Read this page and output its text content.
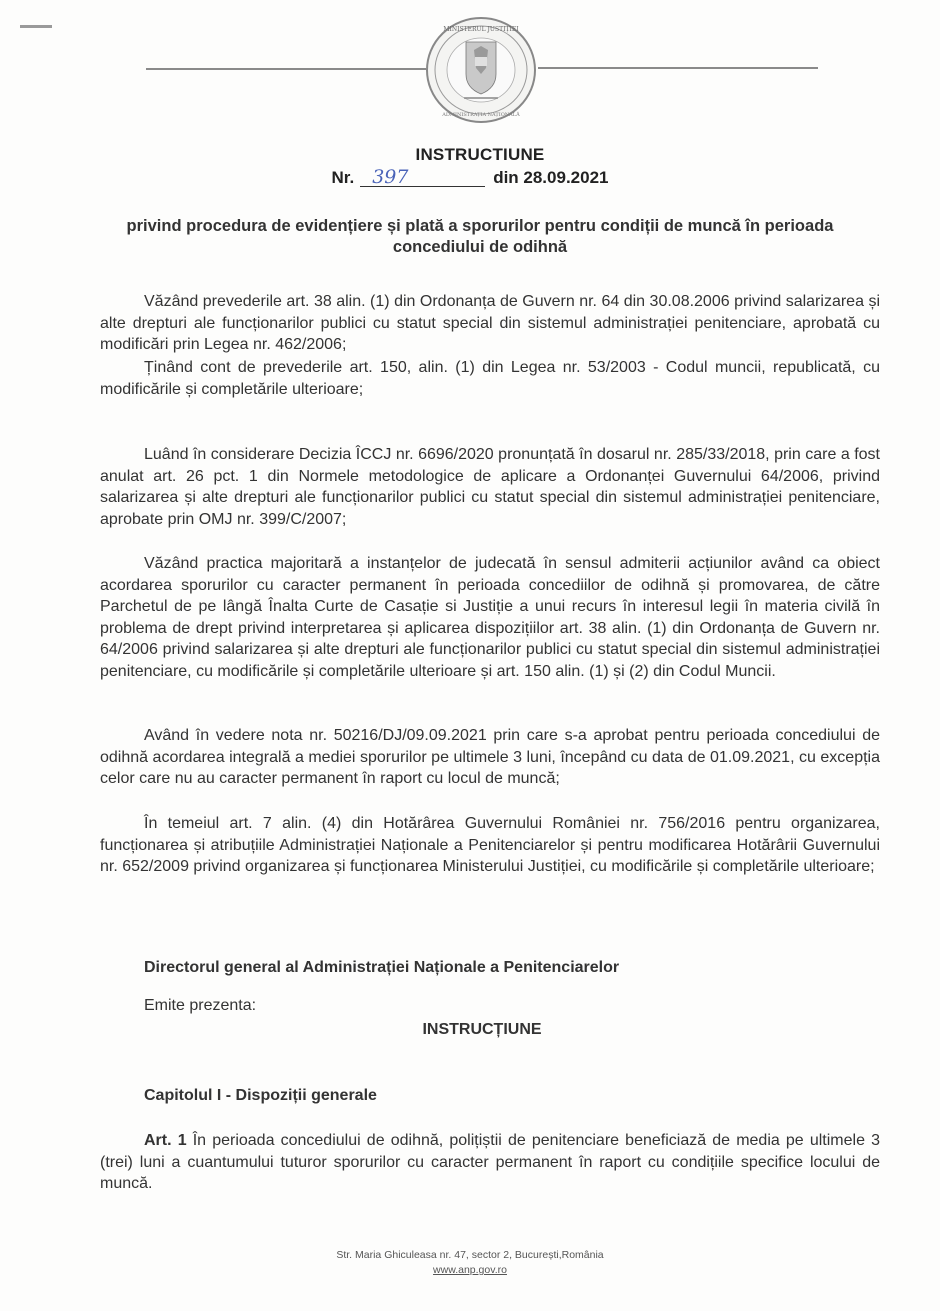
MINISTERUL JUSTIȚIEI
ADMINISTRAȚIA NAȚIONALĂ
INSTRUCTIUNE
Nr. 397	din 28.09.2021
privind procedura de evidențiere și plată a sporurilor pentru condiții de muncă în perioada concediului de odihnă

Văzând prevederile art. 38 alin. (1) din Ordonanța de Guvern nr. 64 din 30.08.2006 privind salarizarea și alte drepturi ale funcționarilor publici cu statut special din sistemul administrației penitenciare, aprobată cu modificări prin Legea nr. 462/2006;

Ținând cont de prevederile art. 150, alin. (1) din Legea nr. 53/2003 - Codul muncii, republicată, cu modificările și completările ulterioare;

Luând în considerare Decizia ÎCCJ nr. 6696/2020 pronunțată în dosarul nr. 285/33/2018, prin care a fost anulat art. 26 pct. 1 din Normele metodologice de aplicare a Ordonanței Guvernului 64/2006, privind salarizarea și alte drepturi ale funcționarilor publici cu statut special din sistemul administrației penitenciare, aprobate prin OMJ nr. 399/C/2007;

Văzând practica majoritară a instanțelor de judecată în sensul admiterii acțiunilor având ca obiect acordarea sporurilor cu caracter permanent în perioada concediilor de odihnă și promovarea, de către Parchetul de pe lângă Înalta Curte de Casație si Justiție a unui recurs în interesul legii în materia civilă în problema de drept privind interpretarea și aplicarea dispozițiilor art. 38 alin. (1) din Ordonanța de Guvern nr. 64/2006 privind salarizarea și alte drepturi ale funcționarilor publici cu statut special din sistemul administrației penitenciare, cu modificările și completările ulterioare și art. 150 alin. (1) și (2) din Codul Muncii.

Având în vedere nota nr. 50216/DJ/09.09.2021 prin care s-a aprobat pentru perioada concediului de odihnă acordarea integrală a mediei sporurilor pe ultimele 3 luni, începând cu data de 01.09.2021, cu excepția celor care nu au caracter permanent în raport cu locul de muncă;

În temeiul art. 7 alin. (4) din Hotărârea Guvernului României nr. 756/2016 pentru organizarea, funcționarea și atribuțiile Administrației Naționale a Penitenciarelor și pentru modificarea Hotărârii Guvernului nr. 652/2009 privind organizarea și funcționarea Ministerului Justiției, cu modificările și completările ulterioare;

Directorul general al Administrației Naționale a Penitenciarelor
Emite prezenta:
INSTRUCȚIUNE
Capitolul I - Dispoziții generale

Art. 1 În perioada concediului de odihnă, polițiștii de penitenciare beneficiază de media pe ultimele 3 (trei) luni a cuantumului tuturor sporurilor cu caracter permanent în raport cu condițiile specifice locului de muncă.

Str. Maria Ghiculeasa nr. 47, sector 2, București,România
www.anp.gov.ro
